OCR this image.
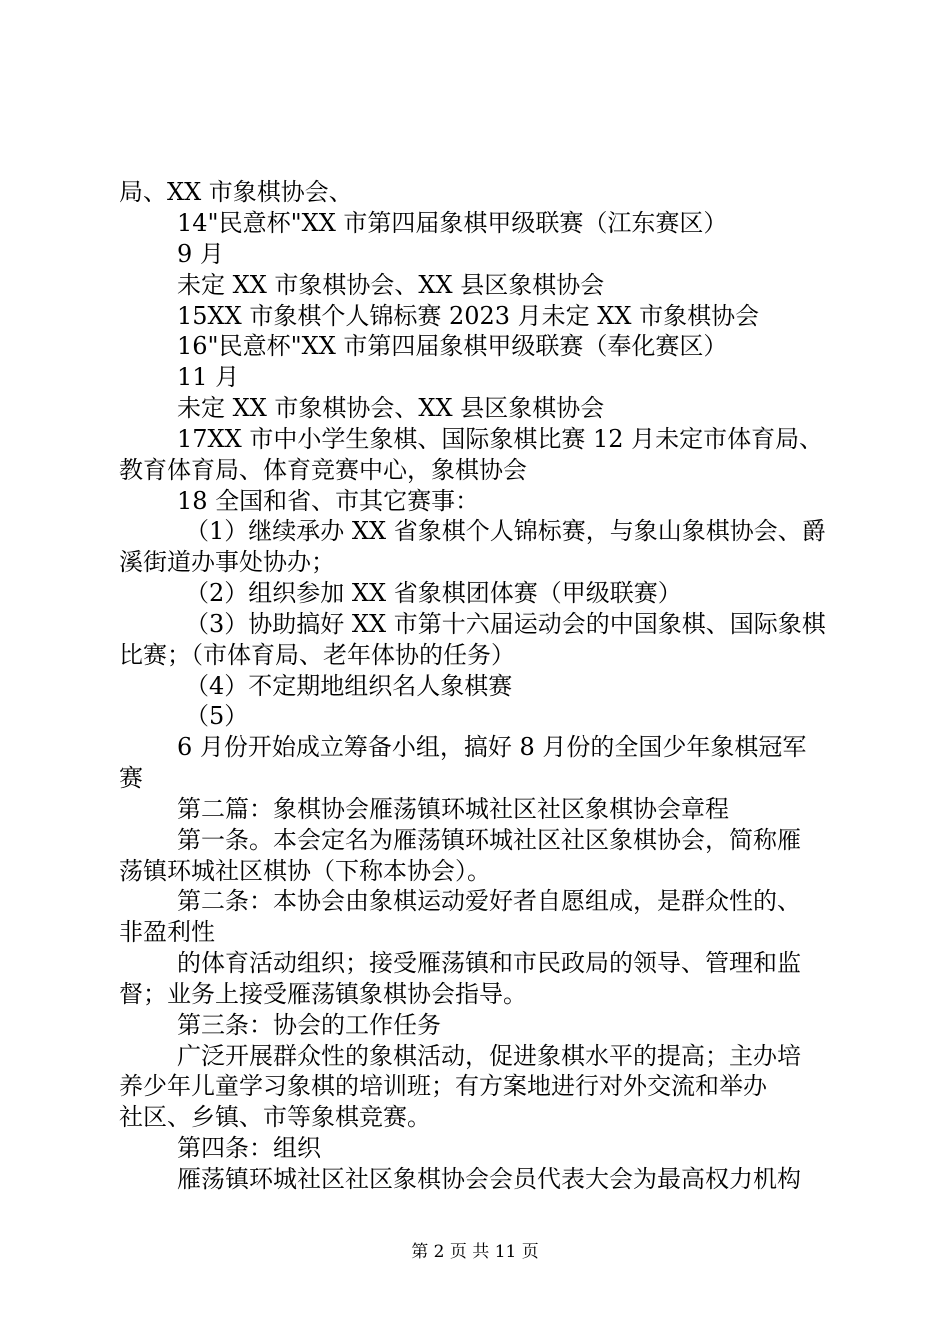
局、XX 市象棋协会、
14"民意杯"XX 市第四届象棋甲级联赛（江东赛区）
9 月
未定 XX 市象棋协会、XX 县区象棋协会
15XX 市象棋个人锦标赛 2023 月未定 XX 市象棋协会
16"民意杯"XX 市第四届象棋甲级联赛（奉化赛区）
11 月
未定 XX 市象棋协会、XX 县区象棋协会
17XX 市中小学生象棋、国际象棋比赛 12 月未定市体育局、
教育体育局、体育竞赛中心，象棋协会
18 全国和省、市其它赛事：
（1）继续承办 XX 省象棋个人锦标赛，与象山象棋协会、爵
溪街道办事处协办；
（2）组织参加 XX 省象棋团体赛（甲级联赛）
（3）协助搞好 XX 市第十六届运动会的中国象棋、国际象棋
比赛；（市体育局、老年体协的任务）
（4）不定期地组织名人象棋赛
（5）
6 月份开始成立筹备小组，搞好 8 月份的全国少年象棋冠军
赛
第二篇：象棋协会雁荡镇环城社区社区象棋协会章程
第一条。本会定名为雁荡镇环城社区社区象棋协会，简称雁
荡镇环城社区棋协（下称本协会）。
第二条：本协会由象棋运动爱好者自愿组成，是群众性的、
非盈利性
的体育活动组织；接受雁荡镇和市民政局的领导、管理和监
督；业务上接受雁荡镇象棋协会指导。
第三条：协会的工作任务
广泛开展群众性的象棋活动，促进象棋水平的提高；主办培
养少年儿童学习象棋的培训班；有方案地进行对外交流和举办
社区、乡镇、市等象棋竞赛。
第四条：组织
雁荡镇环城社区社区象棋协会会员代表大会为最高权力机构
第 2 页 共 11 页
